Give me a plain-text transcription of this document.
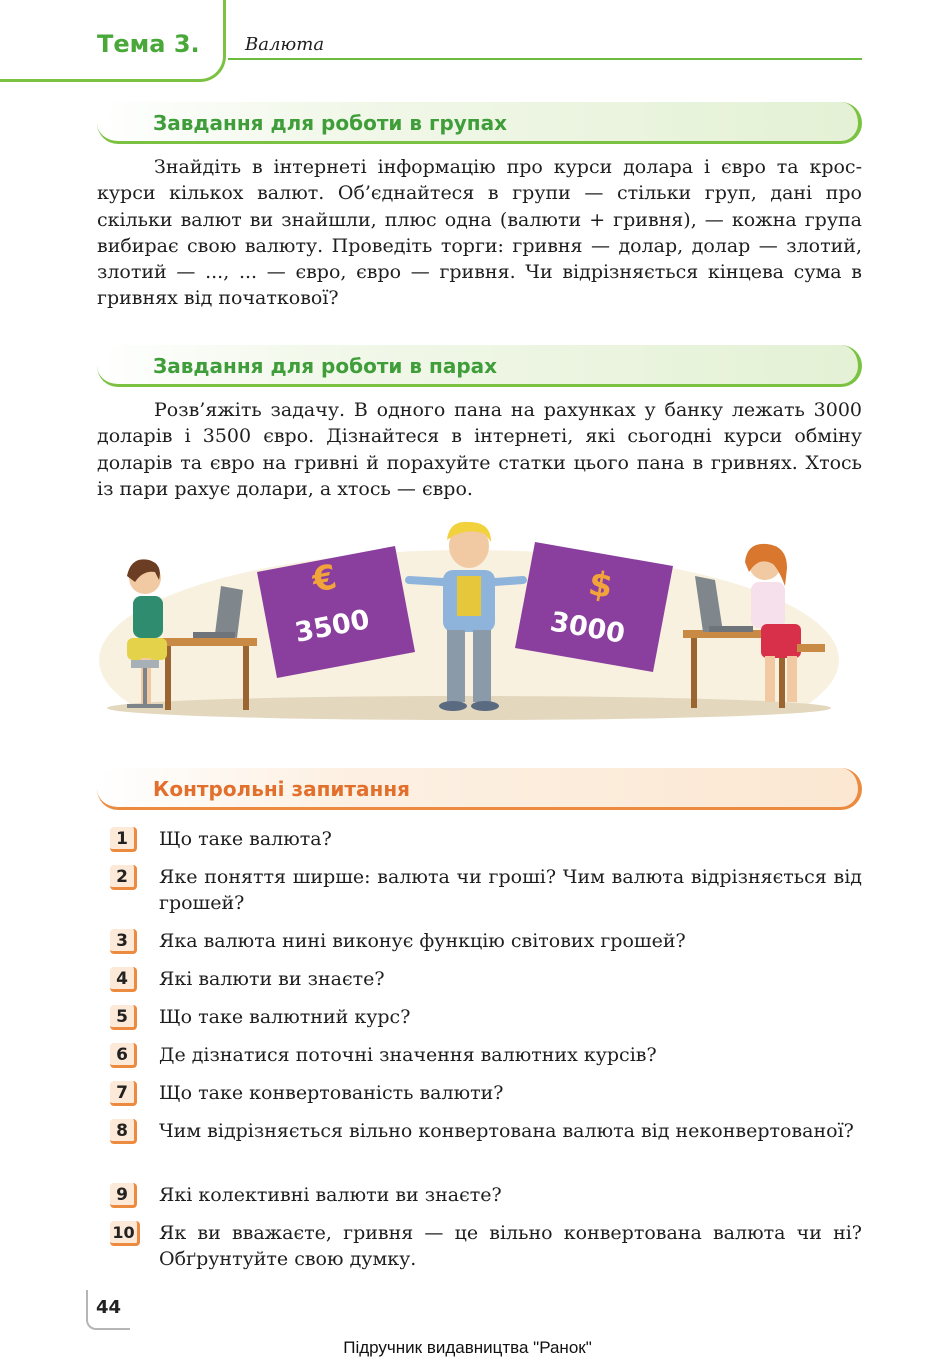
Тема 3.	Валюта
Завдання для роботи в групах

Знайдіть в інтернеті інформацію про курси долара і євро та крос-курси кількох валют. Об’єднайтеся в групи — стільки груп, дані про скільки валют ви знайшли, плюс одна (валюти + гривня), — кожна група вибирає свою валюту. Проведіть торги: гривня — долар, долар — злотий, злотий — ..., ... — євро, євро — гривня. Чи відрізняється кінцева сума в гривнях від початкової?

Завдання для роботи в парах

Розв’яжіть задачу. В одного пана на рахунках у банку лежать 3000 доларів і 3500 євро. Дізнайтеся в інтернеті, які сьогодні курси обміну доларів та євро на гривні й порахуйте статки цього пана в гривнях. Хтось із пари рахує долари, а хтось — євро.

€
3500
$
3000
Контрольні запитання
1	Що таке валюта?
2	Яке поняття ширше: валюта чи гроші? Чим валюта відрізняється від грошей?
3	Яка валюта нині виконує функцію світових грошей?
4	Які валюти ви знаєте?
5	Що таке валютний курс?
6	Де дізнатися поточні значення валютних курсів?
7	Що таке конвертованість валюти?
8	Чим відрізняється вільно конвертована валюта від неконвертованої?
9	Які колективні валюти ви знаєте?
10 Як ви вважаєте, гривня — це вільно конвертована валюта чи ні? Обґрунтуйте свою думку.
44
Підручник видавництва "Ранок"
